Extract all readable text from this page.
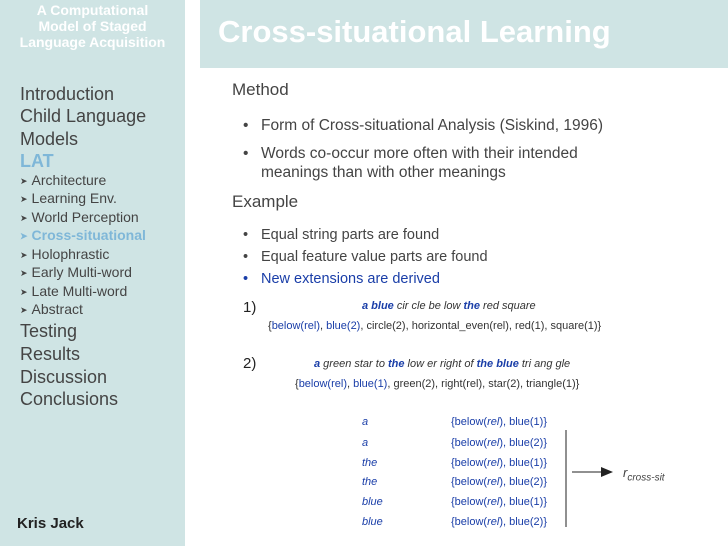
A Computational
Model of Staged
Language Acquisition
Introduction
Child Language
Models
LAT
➤ Architecture
➤ Learning Env.
➤ World Perception
➤ Cross-situational
➤ Holophrastic
➤ Early Multi-word
➤ Late Multi-word
➤ Abstract
Testing
Results
Discussion
Conclusions
Kris Jack
Cross-situational Learning
Method
• Form of Cross-situational Analysis (Siskind, 1996)
• Words co-occur more often with their intended
meanings than with other meanings
Example
• Equal string parts are found
• Equal feature value parts are found
• New extensions are derived
1)	a blue cir cle be low the red square
{below(rel), blue(2), circle(2), horizontal_even(rel), red(1), square(1)}
2)	a green star to the low er right of the blue tri ang gle
{below(rel), blue(1), green(2), right(rel), star(2), triangle(1)}
a	{below(rel), blue(1)}
a	{below(rel), blue(2)}
the	{below(rel), blue(1)}
the	{below(rel), blue(2)}
blue	{below(rel), blue(1)}
blue	{below(rel), blue(2)}
$r_{cross-sit}$
